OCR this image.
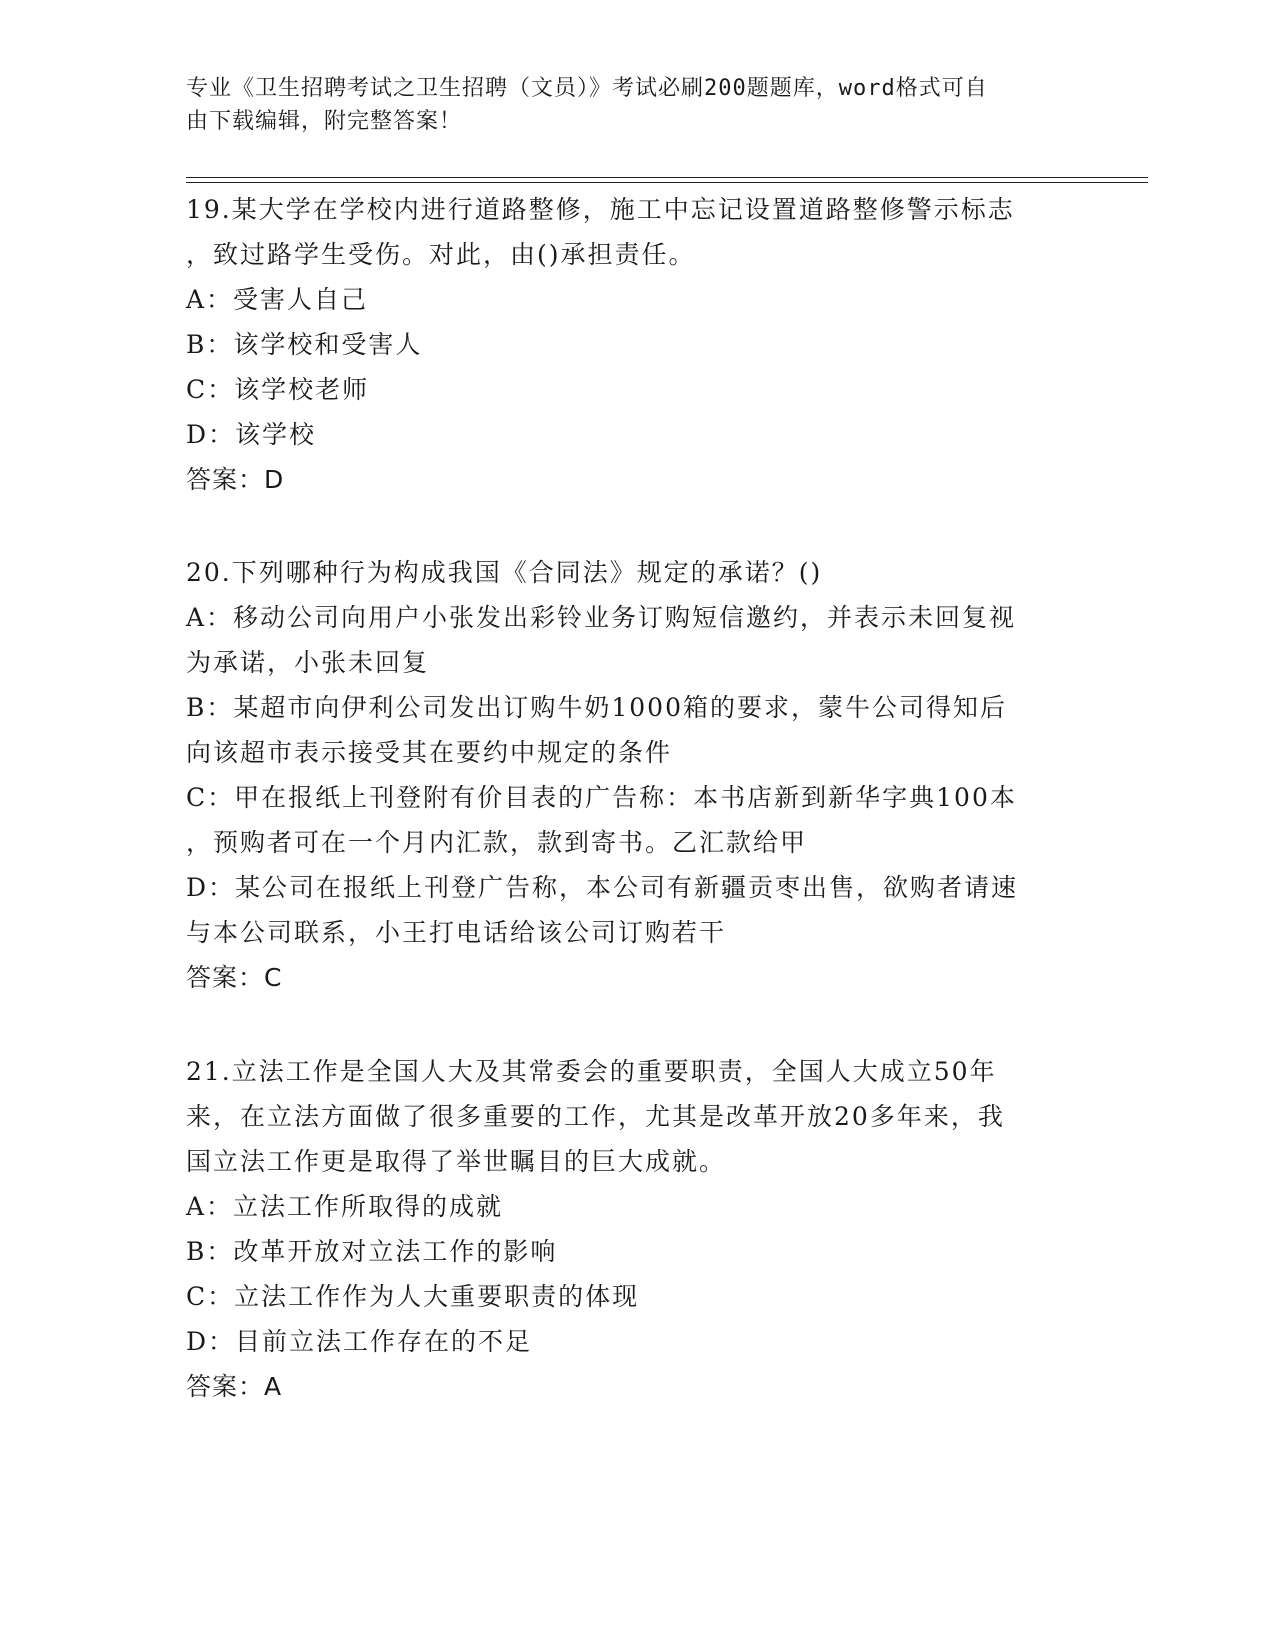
专业《卫生招聘考试之卫生招聘（文员）》考试必刷200题题库，word格式可自
由下载编辑，附完整答案！
19.某大学在学校内进行道路整修，施工中忘记设置道路整修警示标志
，致过路学生受伤。对此，由()承担责任。
A：受害人自己
B：该学校和受害人
C：该学校老师
D：该学校
答案：D
20.下列哪种行为构成我国《合同法》规定的承诺？()
A：移动公司向用户小张发出彩铃业务订购短信邀约，并表示未回复视
为承诺，小张未回复
B：某超市向伊利公司发出订购牛奶1000箱的要求，蒙牛公司得知后
向该超市表示接受其在要约中规定的条件
C：甲在报纸上刊登附有价目表的广告称：本书店新到新华字典100本
，预购者可在一个月内汇款，款到寄书。乙汇款给甲
D：某公司在报纸上刊登广告称，本公司有新疆贡枣出售，欲购者请速
与本公司联系，小王打电话给该公司订购若干
答案：C
21.立法工作是全国人大及其常委会的重要职责，全国人大成立50年
来，在立法方面做了很多重要的工作，尤其是改革开放20多年来，我
国立法工作更是取得了举世瞩目的巨大成就。
A：立法工作所取得的成就
B：改革开放对立法工作的影响
C：立法工作作为人大重要职责的体现
D：目前立法工作存在的不足
答案：A
